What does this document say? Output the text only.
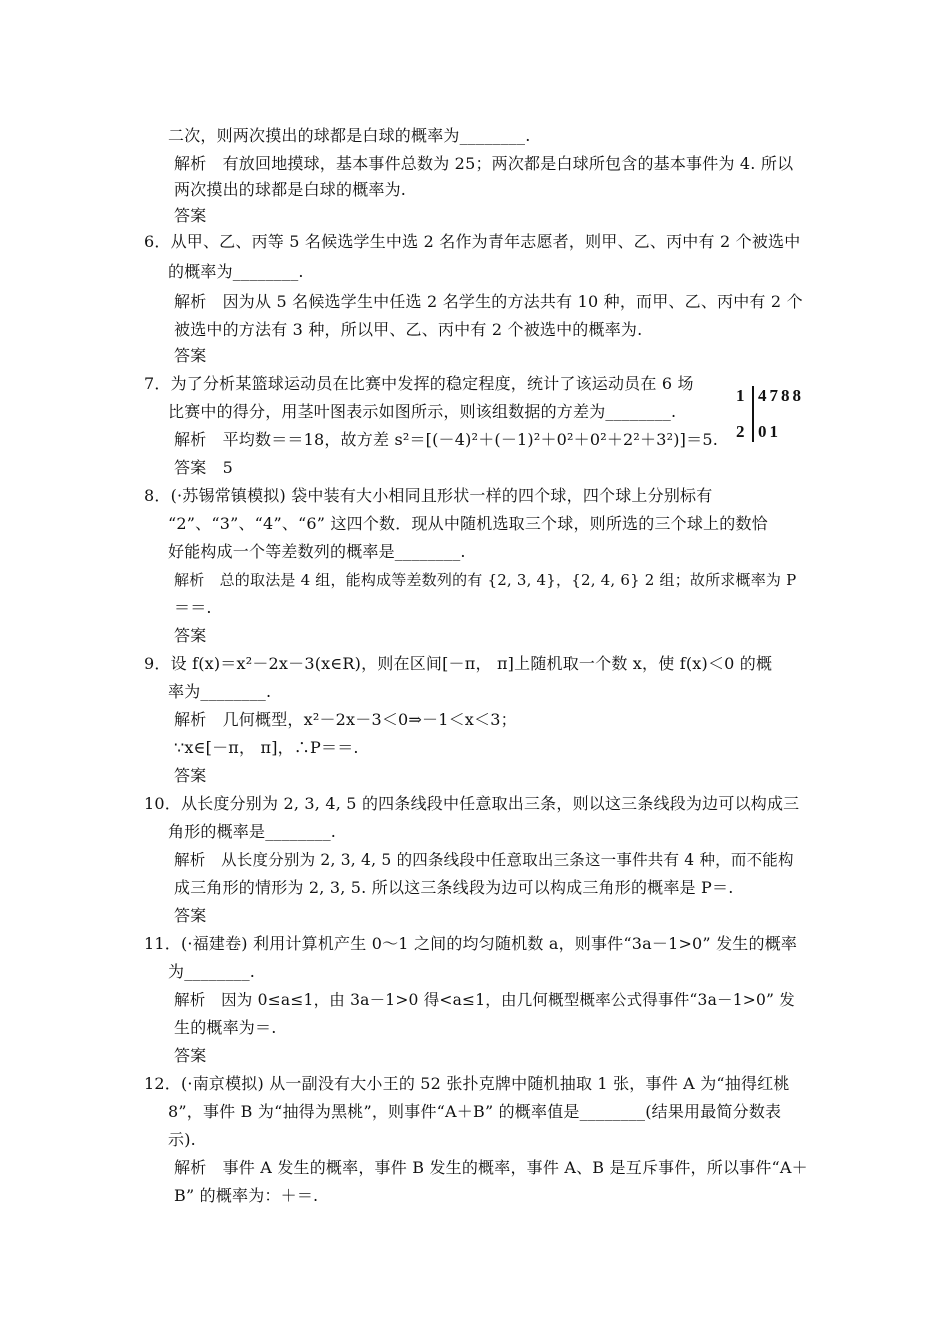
二次，则两次摸出的球都是白球的概率为________.
解析　有放回地摸球，基本事件总数为 25；两次都是白球所包含的基本事件为 4. 所以
两次摸出的球都是白球的概率为.
答案
6．从甲、乙、丙等 5 名候选学生中选 2 名作为青年志愿者，则甲、乙、丙中有 2 个被选中
的概率为________.
解析　因为从 5 名候选学生中任选 2 名学生的方法共有 10 种，而甲、乙、丙中有 2 个
被选中的方法有 3 种，所以甲、乙、丙中有 2 个被选中的概率为.
答案
7．为了分析某篮球运动员在比赛中发挥的稳定程度，统计了该运动员在 6 场
比赛中的得分，用茎叶图表示如图所示，则该组数据的方差为________.
解析　平均数＝＝18，故方差 s²＝[(－4)²＋(－1)²＋0²＋0²＋2²＋3²)]＝5.
答案　5
1 4788
2 01
8．(·苏锡常镇模拟) 袋中装有大小相同且形状一样的四个球，四个球上分别标有
“2”、“3”、“4”、“6” 这四个数．现从中随机选取三个球，则所选的三个球上的数恰
好能构成一个等差数列的概率是________.
解析　总的取法是 4 组，能构成等差数列的有 {2, 3, 4}，{2, 4, 6} 2 组；故所求概率为 P
＝＝.
答案
9．设 f(x)＝x²－2x－3(x∈R)，则在区间[－π， π]上随机取一个数 x，使 f(x)＜0 的概
率为________.
解析　几何概型，x²－2x－3＜0⇒－1＜x＜3；
∵x∈[－π， π]，∴P＝＝.
答案
10．从长度分别为 2, 3, 4, 5 的四条线段中任意取出三条，则以这三条线段为边可以构成三
角形的概率是________.
解析　从长度分别为 2, 3, 4, 5 的四条线段中任意取出三条这一事件共有 4 种，而不能构
成三角形的情形为 2, 3, 5. 所以这三条线段为边可以构成三角形的概率是 P＝.
答案
11．(·福建卷) 利用计算机产生 0～1 之间的均匀随机数 a，则事件“3a－1>0” 发生的概率
为________.
解析　因为 0≤a≤1，由 3a－1>0 得<a≤1，由几何概型概率公式得事件“3a－1>0” 发
生的概率为＝.
答案
12．(·南京模拟) 从一副没有大小王的 52 张扑克牌中随机抽取 1 张，事件 A 为“抽得红桃
8”，事件 B 为“抽得为黑桃”，则事件“A＋B” 的概率值是________(结果用最简分数表
示).
解析　事件 A 发生的概率，事件 B 发生的概率，事件 A、B 是互斥事件，所以事件“A＋
B” 的概率为：＋＝.
